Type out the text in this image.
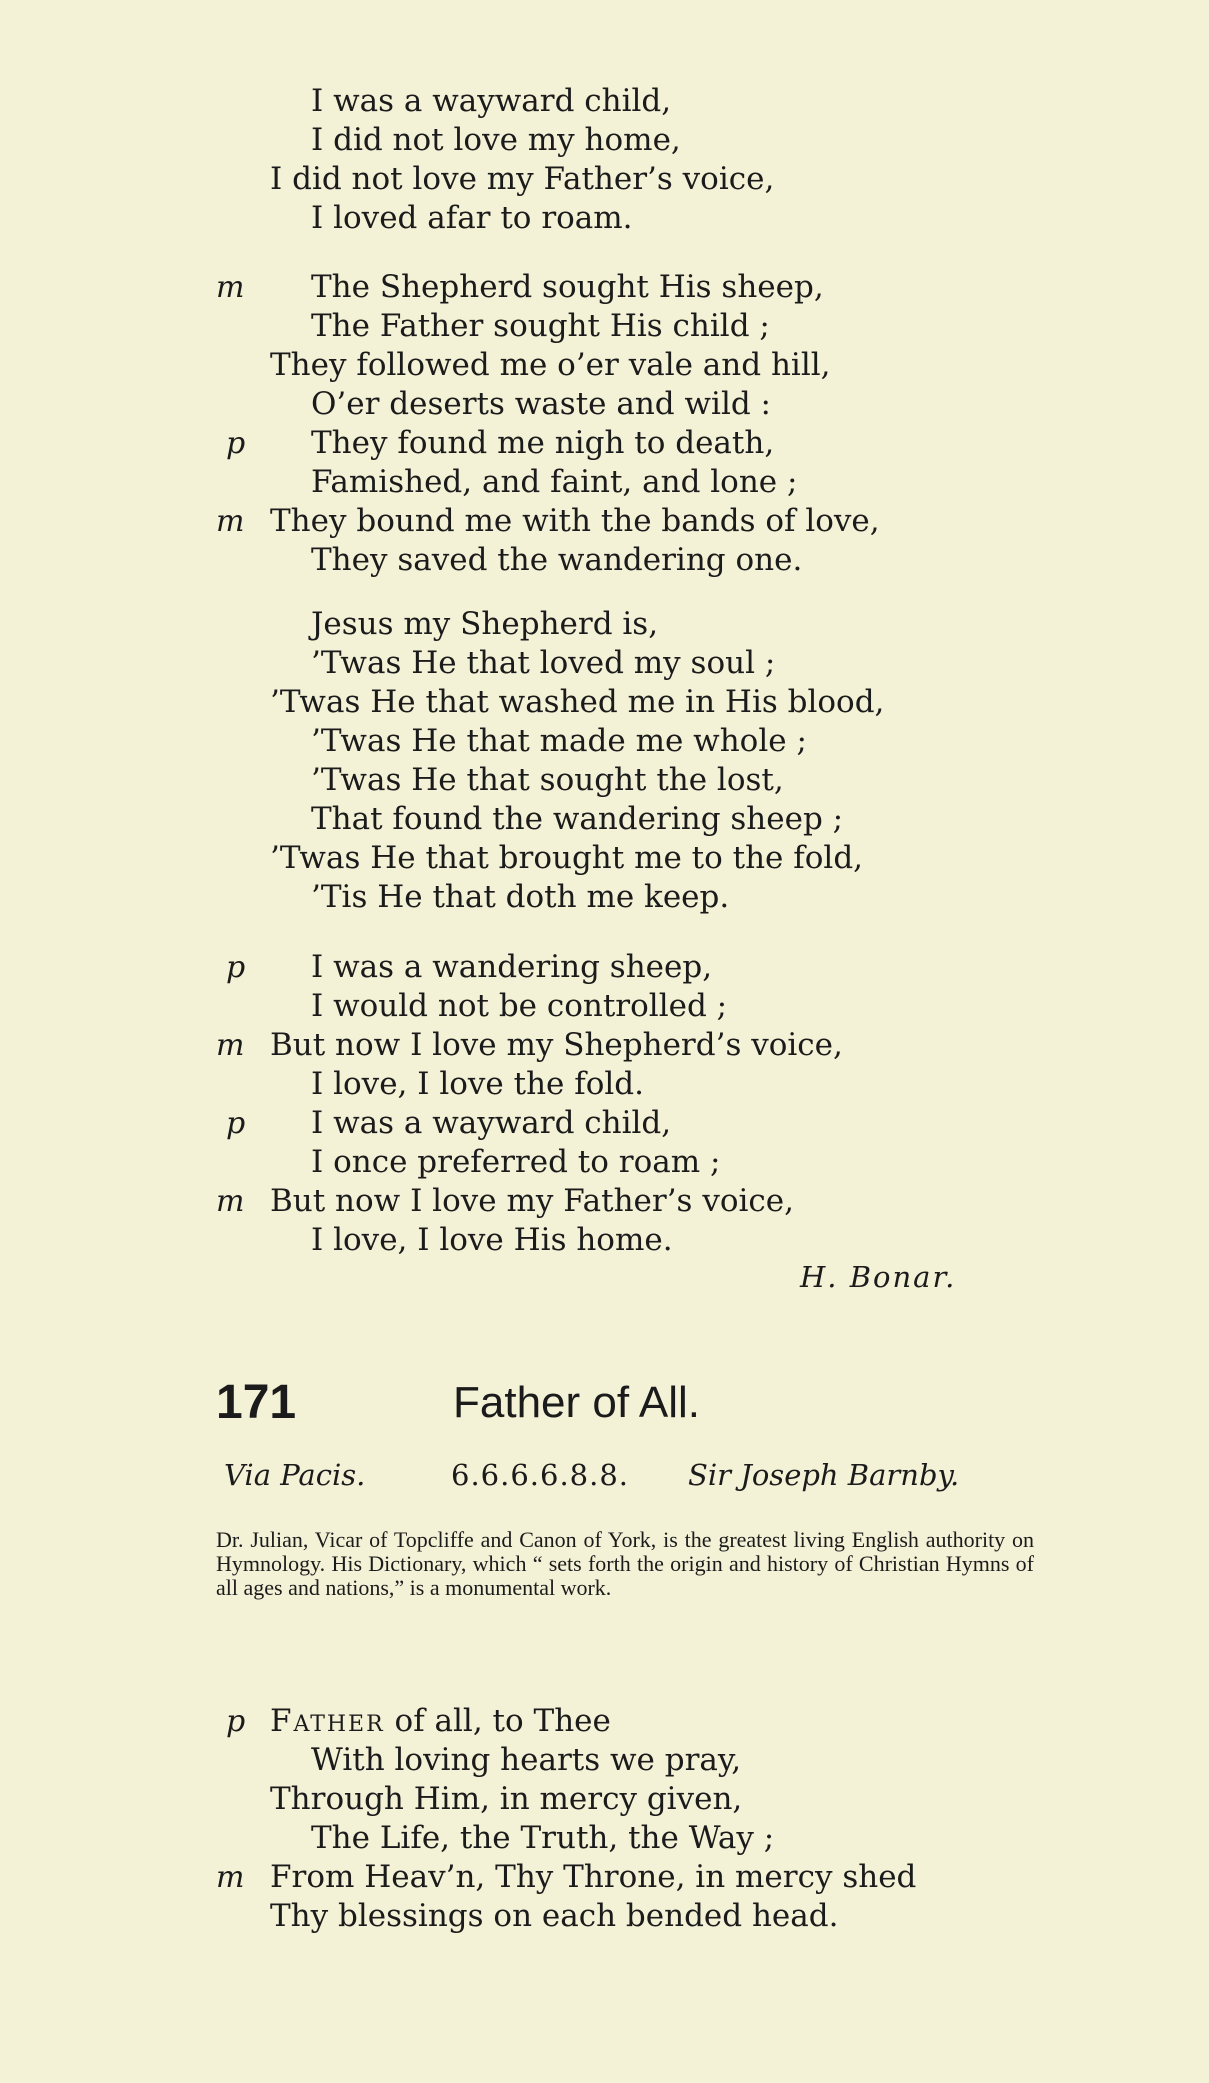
I was a wayward child,
I did not love my home,
I did not love my Father’s voice,
I loved afar to roam.
m The Shepherd sought His sheep,
The Father sought His child ;
They followed me o’er vale and hill,
O’er deserts waste and wild :
p They found me nigh to death,
Famished, and faint, and lone ;
m They bound me with the bands of love,
They saved the wandering one.
Jesus my Shepherd is,
’Twas He that loved my soul ;
’Twas He that washed me in His blood,
’Twas He that made me whole ;
’Twas He that sought the lost,
That found the wandering sheep ;
’Twas He that brought me to the fold,
’Tis He that doth me keep.
p I was a wandering sheep,
I would not be controlled ;
m But now I love my Shepherd’s voice,
I love, I love the fold.
p I was a wayward child,
I once preferred to roam ;
m But now I love my Father’s voice,
I love, I love His home.
H. Bonar.
171	Father of All.
Via Pacis.	6.6.6.6.8.8. Sir Joseph Barnby.
Dr. Julian, Vicar of Topcliffe and Canon of York, is the greatest living English authority on Hymnology. His Dictionary, which “ sets forth the origin and history of Christian Hymns of all ages and nations,” is a monumental work.
p Father of all, to Thee
With loving hearts we pray,
Through Him, in mercy given,
The Life, the Truth, the Way ;
m From Heav’n, Thy Throne, in mercy shed
Thy blessings on each bended head.
